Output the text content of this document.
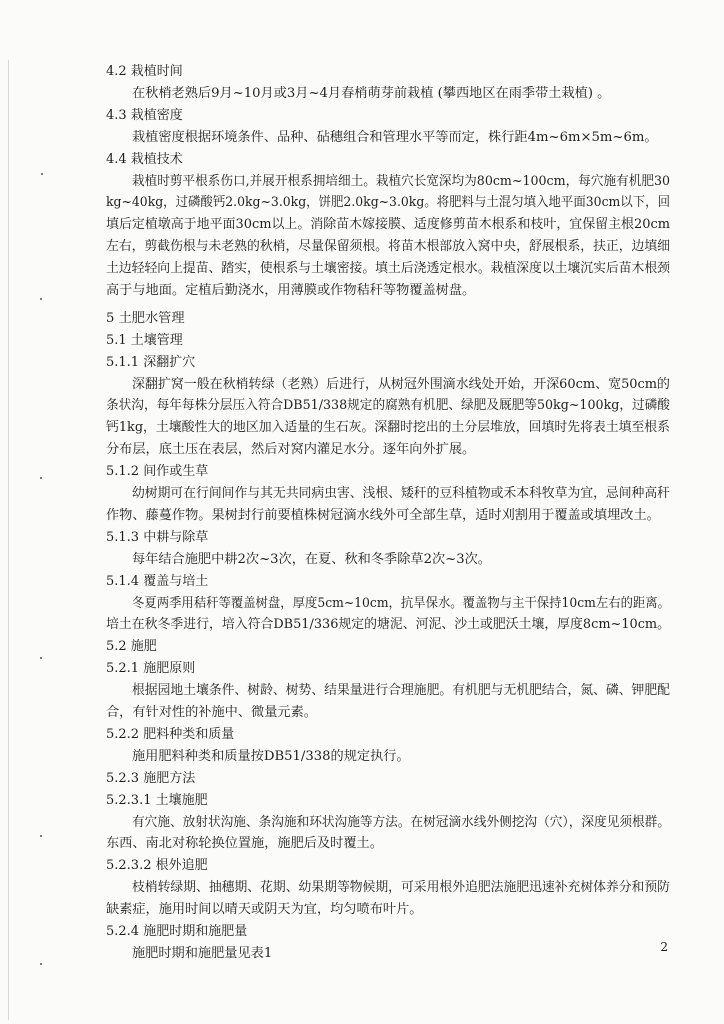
4.2 栽植时间
在秋梢老熟后9月~10月或3月~4月春梢萌芽前栽植 (攀西地区在雨季带土栽植) 。
4.3 栽植密度
栽植密度根据环境条件、品种、砧穗组合和管理水平等而定，株行距4m~6m×5m~6m。
4.4 栽植技术
栽植时剪平根系伤口,并展开根系拥培细土。栽植穴长宽深均为80cm~100cm，每穴施有机肥30
kg~40kg，过磷酸钙2.0kg~3.0kg，饼肥2.0kg~3.0kg。将肥料与土混匀填入地平面30cm以下，回
填后定植墩高于地平面30cm以上。消除苗木嫁接膜、适度修剪苗木根系和枝叶，宜保留主根20cm
左右，剪截伤根与未老熟的秋梢，尽量保留须根。将苗木根部放入窝中央，舒展根系，扶正，边填细
土边轻轻向上提苗、踏实，使根系与土壤密接。填土后浇透定根水。栽植深度以土壤沉实后苗木根颈
高于与地面。定植后勤浇水，用薄膜或作物秸秆等物覆盖树盘。
5 土肥水管理
5.1 土壤管理
5.1.1 深翻扩穴
深翻扩窝一般在秋梢转绿（老熟）后进行，从树冠外围滴水线处开始，开深60cm、宽50cm的
条状沟，每年每株分层压入符合DB51/338规定的腐熟有机肥、绿肥及厩肥等50kg~100kg，过磷酸
钙1kg，土壤酸性大的地区加入适量的生石灰。深翻时挖出的土分层堆放，回填时先将表土填至根系
分布层，底土压在表层，然后对窝内灌足水分。逐年向外扩展。
5.1.2 间作或生草
幼树期可在行间间作与其无共同病虫害、浅根、矮秆的豆科植物或禾本科牧草为宜，忌间种高秆
作物、藤蔓作物。果树封行前要植株树冠滴水线外可全部生草，适时刈割用于覆盖或填埋改土。
5.1.3 中耕与除草
每年结合施肥中耕2次~3次，在夏、秋和冬季除草2次~3次。
5.1.4 覆盖与培土
冬夏两季用秸秆等覆盖树盘，厚度5cm~10cm，抗旱保水。覆盖物与主干保持10cm左右的距离。
培土在秋冬季进行，培入符合DB51/336规定的塘泥、河泥、沙土或肥沃土壤，厚度8cm~10cm。
5.2 施肥
5.2.1 施肥原则
根据园地土壤条件、树龄、树势、结果量进行合理施肥。有机肥与无机肥结合，氮、磷、钾肥配
合，有针对性的补施中、微量元素。
5.2.2 肥料种类和质量
施用肥料种类和质量按DB51/338的规定执行。
5.2.3 施肥方法
5.2.3.1 土壤施肥
有穴施、放射状沟施、条沟施和环状沟施等方法。在树冠滴水线外侧挖沟（穴），深度见须根群。
东西、南北对称轮换位置施，施肥后及时覆土。
5.2.3.2 根外追肥
枝梢转绿期、抽穗期、花期、幼果期等物候期，可采用根外追肥法施肥迅速补充树体养分和预防
缺素症，施用时间以晴天或阴天为宜，均匀喷布叶片。
5.2.4 施肥时期和施肥量
施肥时期和施肥量见表1	2
